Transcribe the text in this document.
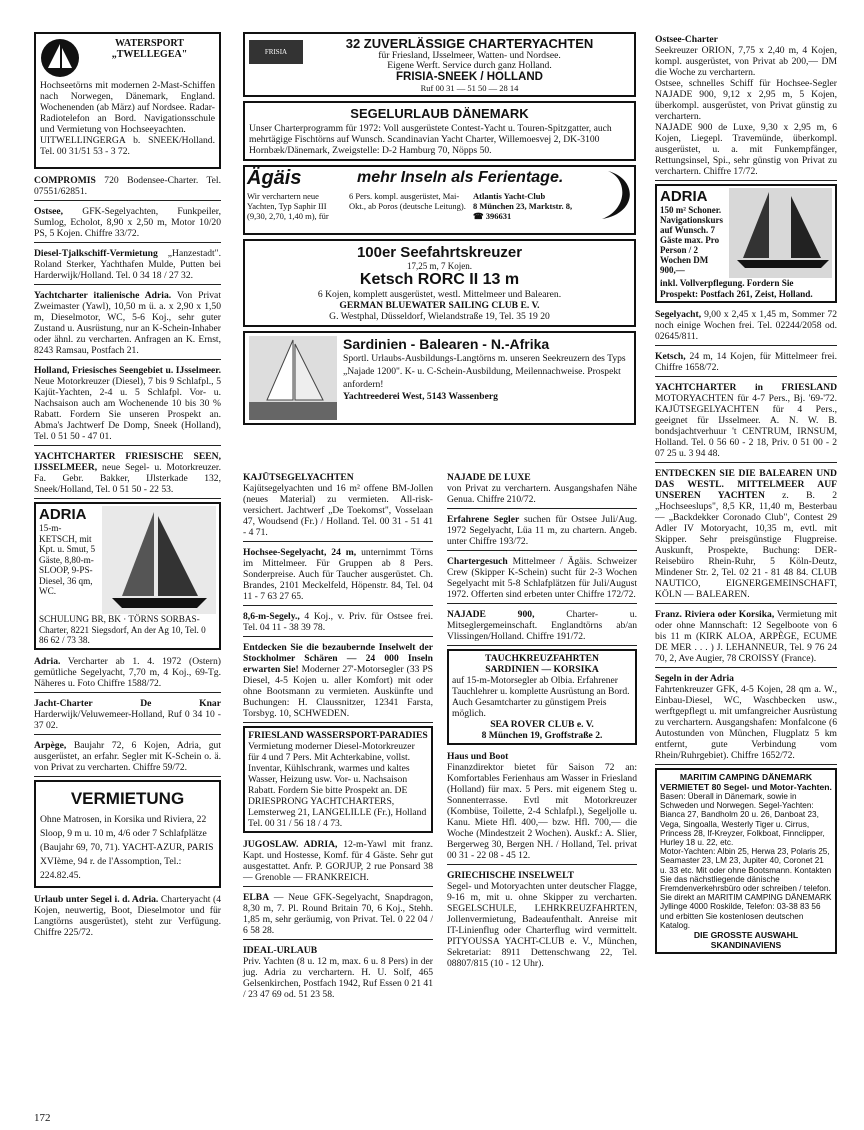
WATERSPORT
„TWELLEGEA"
Hochseetörns mit modernen 2-Mast-Schiffen nach Norwegen, Dänemark, England. Wochenenden (ab März) auf Nordsee. Radar-Radiotelefon an Bord. Navigationsschule und Vermietung von Hochseeyachten.
UITWELLINGERGA b. SNEEK/Holland. Tel. 00 31/51 53 - 3 72.
COMPROMIS 720 Bodensee-Charter. Tel. 07551/62851.
Ostsee, GFK-Segelyachten, Funkpeiler, Sumlog, Echolot, 8,90 x 2,50 m, Motor 10/20 PS, 5 Kojen. Chiffre 33/72.
Diesel-Tjalkschiff-Vermietung „Hanzestadt". Roland Sterker, Yachthafen Mulde, Putten bei Harderwijk/Holland. Tel. 0 34 18 / 27 32.
Yachtcharter italienische Adria. Von Privat Zweimaster (Yawl), 10,50 m ü. a. x 2,90 x 1,50 m, Dieselmotor, WC, 5-6 Koj., sehr guter Zustand u. Ausrüstung, nur an K-Schein-Inhaber oder ähnl. zu vercharten. Anfragen an K. Ernst, 8243 Ramsau, Postfach 21.
Holland, Friesisches Seengebiet u. IJsselmeer. Neue Motorkreuzer (Diesel), 7 bis 9 Schlafpl., 5 Kajüt-Yachten, 2-4 u. 5 Schlafpl. Vor- u. Nachsaison auch am Wochenende 10 bis 30 % Rabatt. Fordern Sie unseren Prospekt an. Abma's Jachtwerf De Domp, Sneek (Holland), Tel. 0 51 50 - 47 01.
YACHTCHARTER FRIESISCHE SEEN, IJSSELMEER, neue Segel- u. Motorkreuzer. Fa. Gebr. Bakker, IJlsterkade 132, Sneek/Holland, Tel. 0 51 50 - 22 53.
ADRIA
15-m-KETSCH, mit Kpt. u. Smut, 5 Gäste, 8,80-m-SLOOP, 9-PS-Diesel, 36 qm, WC.
SCHULUNG BR, BK · TÖRNS SORBAS-Charter, 8221 Siegsdorf, An der Ag 10, Tel. 0 86 62 / 73 38.
Adria. Vercharter ab 1. 4. 1972 (Ostern) gemütliche Segelyacht, 7,70 m, 4 Koj., 69-Tg. Näheres u. Foto Chiffre 1588/72.
Jacht-Charter De Knar Harderwijk/Veluwemeer-Holland, Ruf 0 34 10 - 37 02.
Arpège, Baujahr 72, 6 Kojen, Adria, gut ausgerüstet, an erfahr. Segler mit K-Schein o. ä. von Privat zu vercharten. Chiffre 59/72.
VERMIETUNG
Ohne Matrosen, in Korsika und Riviera, 22 Sloop, 9 m u. 10 m, 4/6 oder 7 Schlafplätze (Baujahr 69, 70, 71). YACHT-AZUR, PARIS XVIème, 94 r. de l'Assomption, Tel.: 224.82.45.
Urlaub unter Segel i. d. Adria. Charteryacht (4 Kojen, neuwertig, Boot, Dieselmotor und für Langtörns ausgerüstet), steht zur Verfügung. Chiffre 225/72.
FRISIA
32 ZUVERLÄSSIGE CHARTERYACHTEN
für Friesland, IJsselmeer, Watten- und Nordsee.
Eigene Werft. Service durch ganz Holland.
FRISIA-SNEEK / HOLLAND
Ruf 00 31 — 51 50 — 28 14
SEGELURLAUB DÄNEMARK
Unser Charterprogramm für 1972: Voll ausgerüstete Contest-Yacht u. Touren-Spitzgatter, auch mehrtägige Fischtörns auf Wunsch. Scandinavian Yacht Charter, Willemoesvej 2, DK-3100 Hornbæk/Dänemark, Zweigstelle: D-2 Hamburg 70, Nöpps 50.
Ägäis	mehr Inseln als Ferientage.
Wir verchartern neue Yachten, Typ Saphir III (9,30, 2,70, 1,40 m), für
6 Pers. kompl. ausgerüstet, Mai-Okt., ab Poros (deutsche Leitung).
Atlantis Yacht-Club
8 München 23, Marktstr. 8,
☎ 396631
100er Seefahrtskreuzer
17,25 m, 7 Kojen.
Ketsch RORC II 13 m
6 Kojen, komplett ausgerüstet, westl. Mittelmeer und Balearen.
GERMAN BLUEWATER SAILING CLUB E. V.
G. Westphal, Düsseldorf, Wielandstraße 19, Tel. 35 19 20
Sardinien - Balearen - N.-Afrika
Sportl. Urlaubs-Ausbildungs-Langtörns m. unseren Seekreuzern des Typs „Najade 1200". K- u. C-Schein-Ausbildung, Meilennachweise. Prospekt anfordern!
Yachtreederei West, 5143 Wassenberg
KAJÜTSEGELYACHTEN
Kajütsegelyachten und 16 m² offene BM-Jollen (neues Material) zu vermieten. All-risk-versichert. Jachtwerf „De Toekomst", Vosselaan 47, Woudsend (Fr.) / Holland. Tel. 00 31 - 51 41 - 4 71.
Hochsee-Segelyacht, 24 m, unternimmt Törns im Mittelmeer. Für Gruppen ab 8 Pers. Sonderpreise. Auch für Taucher ausgerüstet. Ch. Brandes, 2101 Meckelfeld, Höpenstr. 84, Tel. 04 11 - 7 63 27 65.
8,6-m-Segely., 4 Koj., v. Priv. für Ostsee frei. Tel. 04 11 - 38 39 78.
Entdecken Sie die bezaubernde Inselwelt der Stockholmer Schären — 24 000 Inseln erwarten Sie! Moderner 27'-Motorsegler (33 PS Diesel, 4-5 Kojen u. aller Komfort) mit oder ohne Bootsmann zu vermieten. Auskünfte und Buchungen: H. Claussnitzer, 12341 Farsta, Torsbyg. 10, SCHWEDEN.
FRIESLAND WASSERSPORT-PARADIES
Vermietung moderner Diesel-Motorkreuzer für 4 und 7 Pers. Mit Achterkabine, vollst. Inventar, Kühlschrank, warmes und kaltes Wasser, Heizung usw. Vor- u. Nachsaison Rabatt. Fordern Sie bitte Prospekt an. DE DRIESPRONG YACHTCHARTERS, Lemsterweg 21, LANGELILLE (Fr.), Holland Tel. 00 31 / 56 18 / 4 73.
JUGOSLAW. ADRIA, 12-m-Yawl mit franz. Kapt. und Hostesse, Komf. für 4 Gäste. Sehr gut ausgestattet. Anfr. P. GORJUP, 2 rue Ponsard 38 — Grenoble — FRANKREICH.
ELBA — Neue GFK-Segelyacht, Snapdragon, 8,30 m, 7. Pl. Round Britain 70, 6 Koj., Stehh. 1,85 m, sehr geräumig, von Privat. Tel. 0 22 04 / 6 58 28.
IDEAL-URLAUB
Priv. Yachten (8 u. 12 m, max. 6 u. 8 Pers) in der jug. Adria zu verchartern. H. U. Solf, 465 Gelsenkirchen, Postfach 1942, Ruf Essen 0 21 41 / 23 47 69 od. 51 23 58.
NAJADE DE LUXE
von Privat zu verchartern. Ausgangshafen Nähe Genua. Chiffre 210/72.
Erfahrene Segler suchen für Ostsee Juli/Aug. 1972 Segelyacht, Lüa 11 m, zu chartern. Angeb. unter Chiffre 193/72.
Chartergesuch Mittelmeer / Ägäis. Schweizer Crew (Skipper K-Schein) sucht für 2-3 Wochen Segelyacht mit 5-8 Schlafplätzen für Juli/August 1972. Offerten sind erbeten unter Chiffre 172/72.
NAJADE 900,	Charter- u. Mitseglergemeinschaft. Englandtörns ab/an Vlissingen/Holland. Chiffre 191/72.
TAUCHKREUZFAHRTEN
SARDINIEN — KORSIKA
auf 15-m-Motorsegler ab Olbia. Erfahrener Tauchlehrer u. komplette Ausrüstung an Bord. Auch Gesamtcharter zu günstigem Preis möglich.
SEA ROVER CLUB e. V.
8 München 19, Groffstraße 2.
Haus und Boot
Finanzdirektor bietet für Saison 72 an: Komfortables Ferienhaus am Wasser in Friesland (Holland) für max. 5 Pers. mit eigenem Steg u. Sonnenterrasse. Evtl mit Motorkreuzer (Kombüse, Toilette, 2-4 Schlafpl.), Segeljolle u. Kanu. Miete Hfl. 400,— bzw. Hfl. 700,— die Woche (Mindestzeit 2 Wochen). Auskf.: A. Slier, Bergerweg 30, Bergen NH. / Holland, Tel. privat 00 31 - 22 08 - 45 12.
GRIECHISCHE INSELWELT
Segel- und Motoryachten unter deutscher Flagge, 9-16 m, mit u. ohne Skipper zu vercharten. SEGELSCHULE, LEHRKREUZFAHRTEN, Jollenvermietung, Badeaufenthalt. Anreise mit IT-Linienflug oder Charterflug wird vermittelt. PITYOUSSA YACHT-CLUB e. V., München, Sekretariat: 8911 Dettenschwang 22, Tel. 08807/815 (10 - 12 Uhr).
Ostsee-Charter
Seekreuzer ORION, 7,75 x 2,40 m, 4 Kojen, kompl. ausgerüstet, von Privat ab 200,— DM die Woche zu verchartern.
Ostsee, schnelles Schiff für Hochsee-Segler NAJADE 900, 9,12 x 2,95 m, 5 Kojen, überkompl. ausgerüstet, von Privat günstig zu verchartern.
NAJADE 900 de Luxe, 9,30 x 2,95 m, 6 Kojen, Liegepl. Travemünde, überkompl. ausgerüstet, u. a. mit Funkempfänger, Rettungsinsel, Spi., sehr günstig von Privat zu verchartern. Chiffre 17/72.
ADRIA
150 m² Schoner. Navigationskurs auf Wunsch. 7 Gäste max. Pro Person / 2 Wochen DM 900,—
inkl. Vollverpflegung. Fordern Sie Prospekt: Postfach 261, Zeist, Holland.
Segelyacht, 9,00 x 2,45 x 1,45 m, Sommer 72 noch einige Wochen frei. Tel. 02244/2058 od. 02645/811.
Ketsch, 24 m, 14 Kojen, für Mittelmeer frei. Chiffre 1658/72.
YACHTCHARTER in FRIESLAND MOTORYACHTEN für 4-7 Pers., Bj. '69-'72. KAJÜTSEGELYACHTEN für 4 Pers., geeignet für IJsselmeer. A. N. W. B. bondsjachtverhuur 't CENTRUM, IRNSUM, Holland. Tel. 0 56 60 - 2 18, Priv. 0 51 00 - 2 07 25 u. 3 94 48.
ENTDECKEN SIE DIE BALEAREN UND DAS WESTL. MITTELMEER AUF UNSEREN YACHTEN z. B. 2 „Hochseeslups", 8,5 KR, 11,40 m, Besterbau — „Backdekker Coronado Club", Contest 29 Adler IV Motoryacht, 10,35 m, evtl. mit Skipper. Sehr preisgünstige Flugpreise. Auskunft, Prospekte, Buchung: DER-Reisebüro Rhein-Ruhr, 5 Köln-Deutz, Mindener Str. 2, Tel. 02 21 - 81 48 84. CLUB NAUTICO, EIGNERGEMEINSCHAFT, KÖLN — BALEAREN.
Franz. Riviera oder Korsika, Vermietung mit oder ohne Mannschaft: 12 Segelboote von 6 bis 11 m (KIRK ALOA, ARPÈGE, ECUME DE MER . . . ) J. LEHANNEUR, Tel. 9 76 24 70, 2, Ave Augier, 78 CROISSY (France).
Segeln in der Adria
Fahrtenkreuzer GFK, 4-5 Kojen, 28 qm a. W., Einbau-Diesel, WC, Waschbecken usw., werftgepflegt u. mit umfangreicher Ausrüstung zu verchartern. Ausgangshafen: Monfalcone (6 Autostunden von München, Flugplatz 5 km entfernt, gute Verbindung vom Rhein/Ruhrgebiet). Chiffre 1652/72.
MARITIM CAMPING DÄNEMARK
VERMIETET 80 Segel- und Motor-Yachten.
Basen: Überall in Dänemark, sowie in Schweden und Norwegen. Segel-Yachten: Bianca 27, Bandholm 20 u. 26, Danboat 23, Vega, Singoalla, Westerly Tiger u. Cirrus, Princess 28, If-Kreyzer, Folkboat, Finnclipper, Hurley 18 u. 22, etc.
Motor-Yachten: Albin 25, Herwa 23, Polaris 25, Seamaster 23, LM 23, Jupiter 40, Coronet 21 u. 33 etc. Mit oder ohne Bootsmann. Kontakten Sie das nächstliegende dänische Fremdenverkehrsbüro oder schreiben / telefon. Sie direkt an MARITIM CAMPING DÄNEMARK Jyllinge 4000 Roskilde, Telefon: 03-38 83 56 und erbitten Sie kostenlosen deutschen Katalog.
DIE GROSSTE AUSWAHL
SKANDINAVIENS
172
